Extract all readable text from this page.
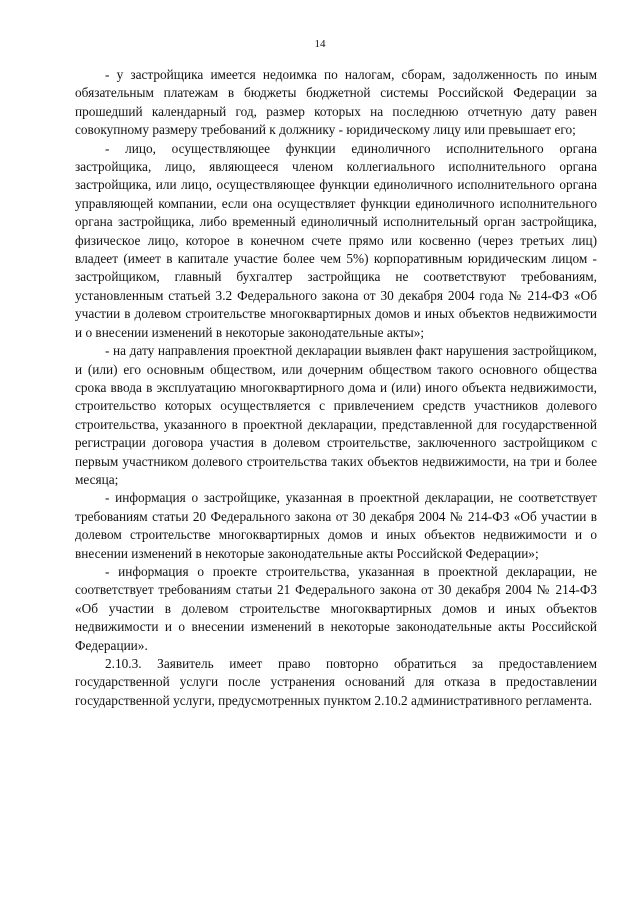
14

- у застройщика имеется недоимка по налогам, сборам, задолженность по иным обязательным платежам в бюджеты бюджетной системы Российской Федерации за прошедший календарный год, размер которых на последнюю отчетную дату равен совокупному размеру требований к должнику - юридическому лицу или превышает его;

- лицо, осуществляющее функции единоличного исполнительного органа застройщика, лицо, являющееся членом коллегиального исполнительного органа застройщика, или лицо, осуществляющее функции единоличного исполнительного органа управляющей компании, если она осуществляет функции единоличного исполнительного органа застройщика, либо временный единоличный исполнительный орган застройщика, физическое лицо, которое в конечном счете прямо или косвенно (через третьих лиц) владеет (имеет в капитале участие более чем 5%) корпоративным юридическим лицом - застройщиком, главный бухгалтер застройщика не соответствуют требованиям, установленным статьей 3.2 Федерального закона от 30 декабря 2004 года № 214-ФЗ «Об участии в долевом строительстве многоквартирных домов и иных объектов недвижимости и о внесении изменений в некоторые законодательные акты»;

- на дату направления проектной декларации выявлен факт нарушения застройщиком, и (или) его основным обществом, или дочерним обществом такого основного общества срока ввода в эксплуатацию многоквартирного дома и (или) иного объекта недвижимости, строительство которых осуществляется с привлечением средств участников долевого строительства, указанного в проектной декларации, представленной для государственной регистрации договора участия в долевом строительстве, заключенного застройщиком с первым участником долевого строительства таких объектов недвижимости, на три и более месяца;

- информация о застройщике, указанная в проектной декларации, не соответствует требованиям статьи 20 Федерального закона от 30 декабря 2004 № 214-ФЗ «Об участии в долевом строительстве многоквартирных домов и иных объектов недвижимости и о внесении изменений в некоторые законодательные акты Российской Федерации»;

- информация о проекте строительства, указанная в проектной декларации, не соответствует требованиям статьи 21 Федерального закона от 30 декабря 2004 № 214-ФЗ «Об участии в долевом строительстве многоквартирных домов и иных объектов недвижимости и о внесении изменений в некоторые законодательные акты Российской Федерации».

2.10.3. Заявитель имеет право повторно обратиться за предоставлением государственной услуги после устранения оснований для отказа в предоставлении государственной услуги, предусмотренных пунктом 2.10.2 административного регламента.
